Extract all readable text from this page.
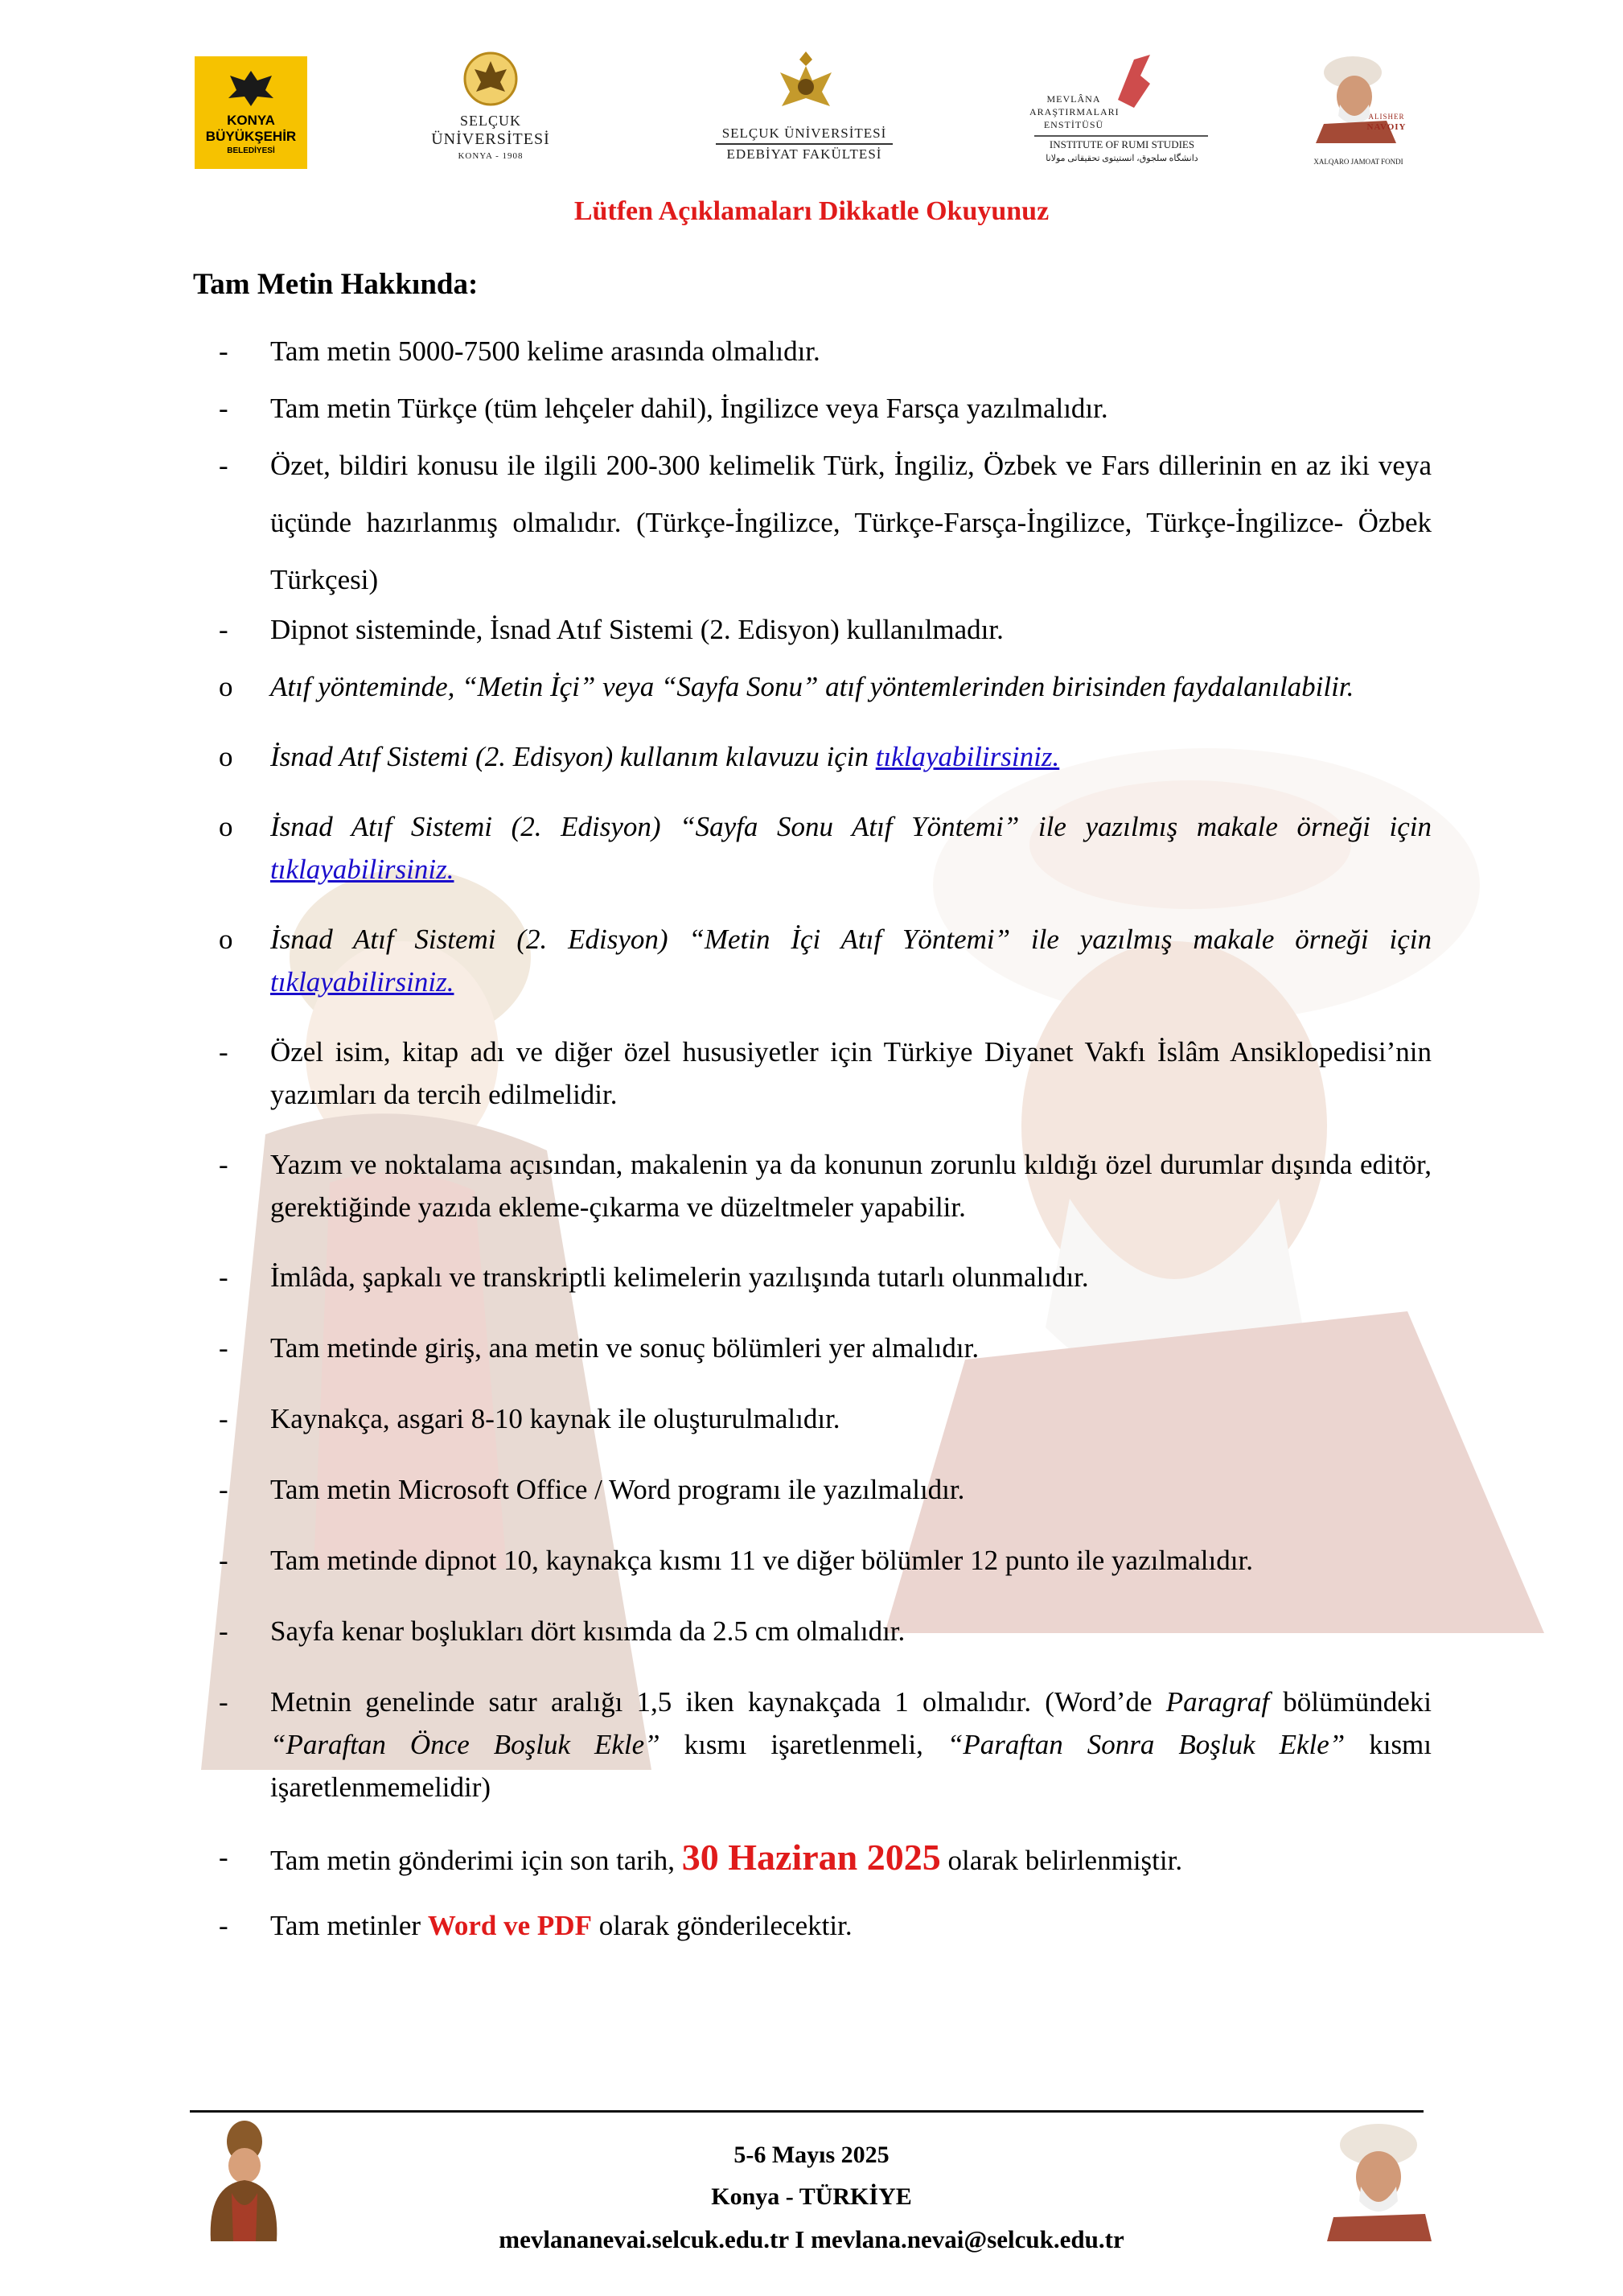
KONYA
BÜYÜKŞEHİR
BELEDİYESİ
SELÇUK
ÜNİVERSİTESİ
KONYA - 1908
SELÇUK ÜNİVERSİTESİ
EDEBİYAT FAKÜLTESİ
MEVLÂNA
ARAŞTIRMALARI
ENSTİTÜSÜ
INSTITUTE OF RUMI STUDIES
دانشگاه سلجوق، انستیتوی تحقیقاتی مولانا
ALISHER
NAVOIY
XALQARO JAMOAT FONDI
Lütfen Açıklamaları Dikkatle Okuyunuz
Tam Metin Hakkında:
-	Tam metin 5000-7500 kelime arasında olmalıdır.
-	Tam metin Türkçe (tüm lehçeler dahil), İngilizce veya Farsça yazılmalıdır.
-	Özet, bildiri konusu ile ilgili 200-300 kelimelik Türk, İngiliz, Özbek ve Fars dillerinin en az iki veya üçünde hazırlanmış olmalıdır. (Türkçe-İngilizce, Türkçe-Farsça-İngilizce, Türkçe-İngilizce- Özbek Türkçesi)
-	Dipnot sisteminde, İsnad Atıf Sistemi (2. Edisyon) kullanılmadır.
o	Atıf yönteminde, “Metin İçi” veya “Sayfa Sonu” atıf yöntemlerinden birisinden faydalanılabilir.
o	İsnad Atıf Sistemi (2. Edisyon) kullanım kılavuzu için tıklayabilirsiniz.
o	İsnad Atıf Sistemi (2. Edisyon) “Sayfa Sonu Atıf Yöntemi” ile yazılmış makale örneği için tıklayabilirsiniz.
o	İsnad Atıf Sistemi (2. Edisyon) “Metin İçi Atıf Yöntemi” ile yazılmış makale örneği için tıklayabilirsiniz.
-	Özel isim, kitap adı ve diğer özel hususiyetler için Türkiye Diyanet Vakfı İslâm Ansiklopedisi’nin yazımları da tercih edilmelidir.
-	Yazım ve noktalama açısından, makalenin ya da konunun zorunlu kıldığı özel durumlar dışında editör, gerektiğinde yazıda ekleme-çıkarma ve düzeltmeler yapabilir.
-	İmlâda, şapkalı ve transkriptli kelimelerin yazılışında tutarlı olunmalıdır.
-	Tam metinde giriş, ana metin ve sonuç bölümleri yer almalıdır.
-	Kaynakça, asgari 8-10 kaynak ile oluşturulmalıdır.
-	Tam metin Microsoft Office / Word programı ile yazılmalıdır.
-	Tam metinde dipnot 10, kaynakça kısmı 11 ve diğer bölümler 12 punto ile yazılmalıdır.
-	Sayfa kenar boşlukları dört kısımda da 2.5 cm olmalıdır.
-	Metnin genelinde satır aralığı 1,5 iken kaynakçada 1 olmalıdır. (Word’de Paragraf bölümündeki “Paraftan Önce Boşluk Ekle” kısmı işaretlenmeli, “Paraftan Sonra Boşluk Ekle” kısmı işaretlenmemelidir)
-	Tam metin gönderimi için son tarih, 30 Haziran 2025 olarak belirlenmiştir.
-	Tam metinler Word ve PDF olarak gönderilecektir.
5-6 Mayıs 2025
Konya - TÜRKİYE
mevlananevai.selcuk.edu.tr I mevlana.nevai@selcuk.edu.tr
